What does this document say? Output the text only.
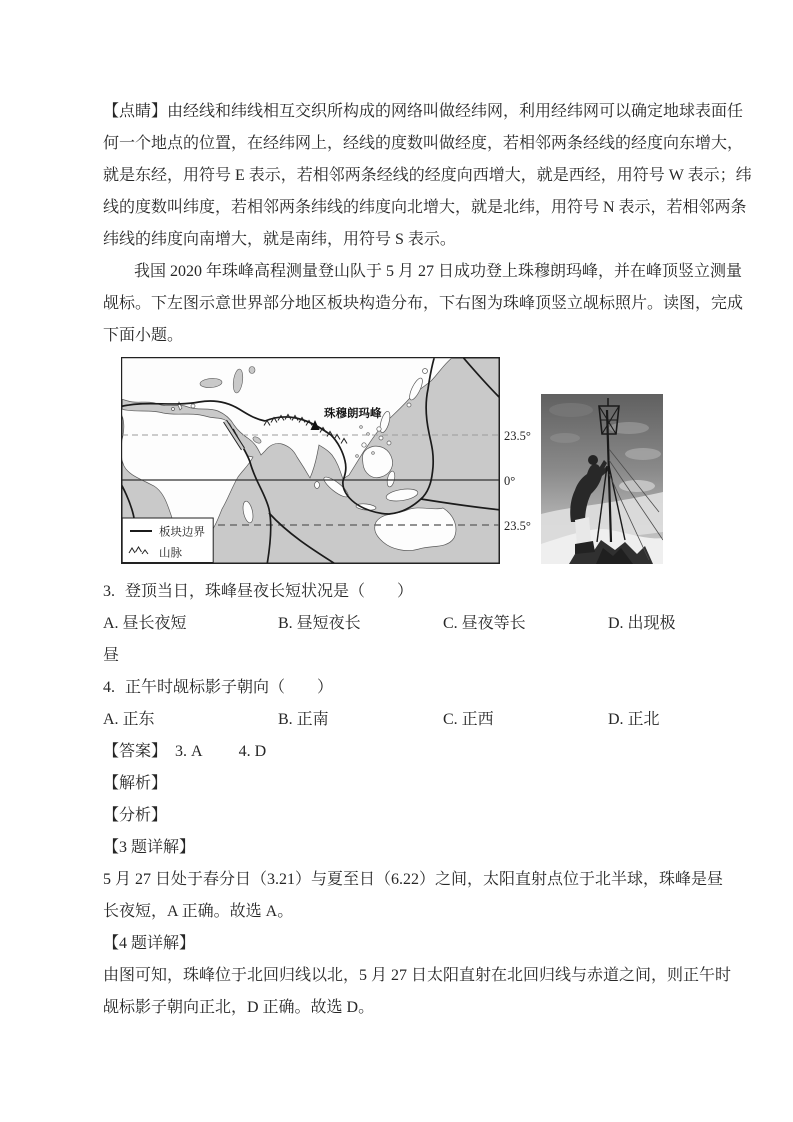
【点睛】由经线和纬线相互交织所构成的网络叫做经纬网，利用经纬网可以确定地球表面任
何一个地点的位置，在经纬网上，经线的度数叫做经度，若相邻两条经线的经度向东增大，
就是东经，用符号 E 表示，若相邻两条经线的经度向西增大，就是西经，用符号 W 表示；纬
线的度数叫纬度，若相邻两条纬线的纬度向北增大，就是北纬，用符号 N 表示，若相邻两条
纬线的纬度向南增大，就是南纬，用符号 S 表示。
我国 2020 年珠峰高程测量登山队于 5 月 27 日成功登上珠穆朗玛峰，并在峰顶竖立测量
觇标。下左图示意世界部分地区板块构造分布，下右图为珠峰顶竖立觇标照片。读图，完成
下面小题。
珠穆朗玛峰
23.5°
0°
23.5°
板块边界
山脉
3. 登顶当日，珠峰昼夜长短状况是（　　）
A. 昼长夜短	B. 昼短夜长	C. 昼夜等长	D. 出现极
昼
4. 正午时觇标影子朝向（　　）
A. 正东	B. 正南	C. 正西	D. 正北
【答案】 3. A 4. D
【解析】
【分析】
【3 题详解】
5 月 27 日处于春分日（3.21）与夏至日（6.22）之间，太阳直射点位于北半球，珠峰是昼
长夜短，A 正确。故选 A。
【4 题详解】
由图可知，珠峰位于北回归线以北，5 月 27 日太阳直射在北回归线与赤道之间，则正午时
觇标影子朝向正北，D 正确。故选 D。
